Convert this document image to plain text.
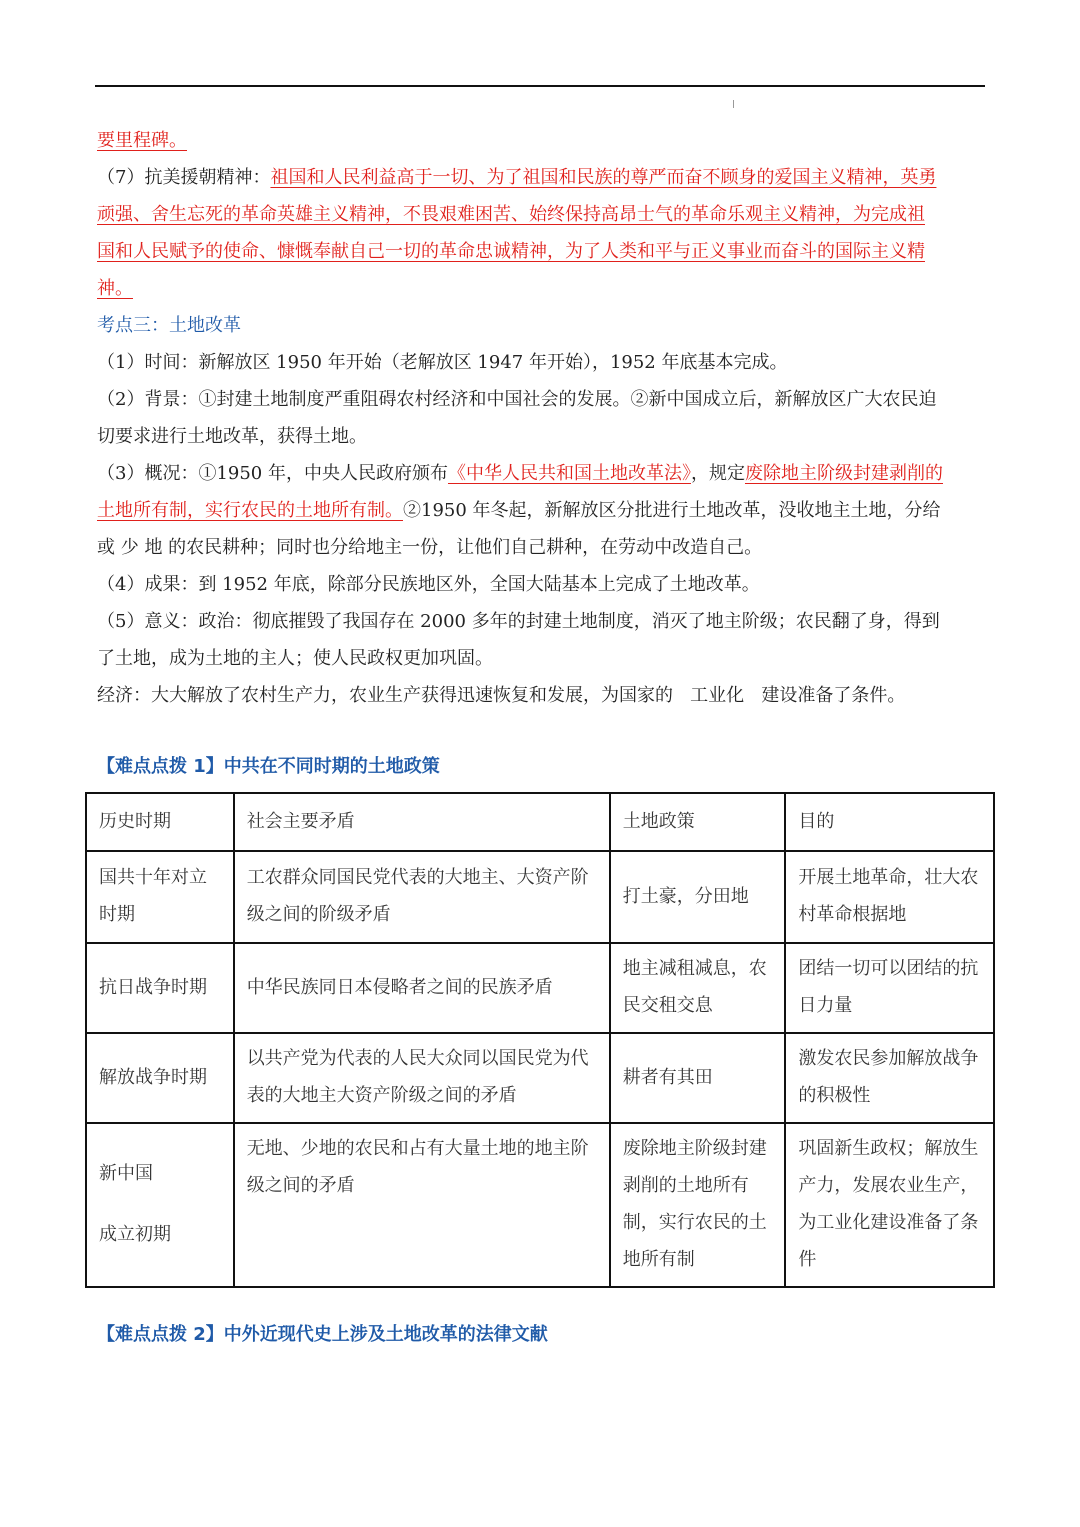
要里程碑。

（7）抗美援朝精神：祖国和人民利益高于一切、为了祖国和民族的尊严而奋不顾身的爱国主义精神，英勇

顽强、舍生忘死的革命英雄主义精神，不畏艰难困苦、始终保持高昂士气的革命乐观主义精神，为完成祖

国和人民赋予的使命、慷慨奉献自己一切的革命忠诚精神，为了人类和平与正义事业而奋斗的国际主义精

神。

考点三：土地改革

（1）时间：新解放区 1950 年开始（老解放区 1947 年开始），1952 年底基本完成。

（2）背景：①封建土地制度严重阻碍农村经济和中国社会的发展。②新中国成立后，新解放区广大农民迫

切要求进行土地改革，获得土地。

（3）概况：①1950 年，中央人民政府颁布《中华人民共和国土地改革法》，规定废除地主阶级封建剥削的

土地所有制，实行农民的土地所有制。②1950 年冬起，新解放区分批进行土地改革，没收地主土地，分给

或 少 地 的农民耕种；同时也分给地主一份，让他们自己耕种，在劳动中改造自己。

（4）成果：到 1952 年底，除部分民族地区外，全国大陆基本上完成了土地改革。

（5）意义：政治：彻底摧毁了我国存在 2000 多年的封建土地制度，消灭了地主阶级；农民翻了身，得到

了土地，成为土地的主人；使人民政权更加巩固。

经济：大大解放了农村生产力，农业生产获得迅速恢复和发展，为国家的   工业化   建设准备了条件。

【难点点拨 1】中共在不同时期的土地政策
历史时期	社会主要矛盾	土地政策	目的
国共十年对立时期	工农群众同国民党代表的大地主、大资产阶级之间的阶级矛盾	打土豪，分田地	开展土地革命，壮大农村革命根据地
抗日战争时期	中华民族同日本侵略者之间的民族矛盾	地主减租减息，农民交租交息	团结一切可以团结的抗日力量
解放战争时期	以共产党为代表的人民大众同以国民党为代表的大地主大资产阶级之间的矛盾	耕者有其田	激发农民参加解放战争的积极性

新中国
成立初期	无地、少地的农民和占有大量土地的地主阶级之间的矛盾	废除地主阶级封建剥削的土地所有制，实行农民的土地所有制	巩固新生政权；解放生产力，发展农业生产，为工业化建设准备了条件
【难点点拨 2】中外近现代史上涉及土地改革的法律文献
